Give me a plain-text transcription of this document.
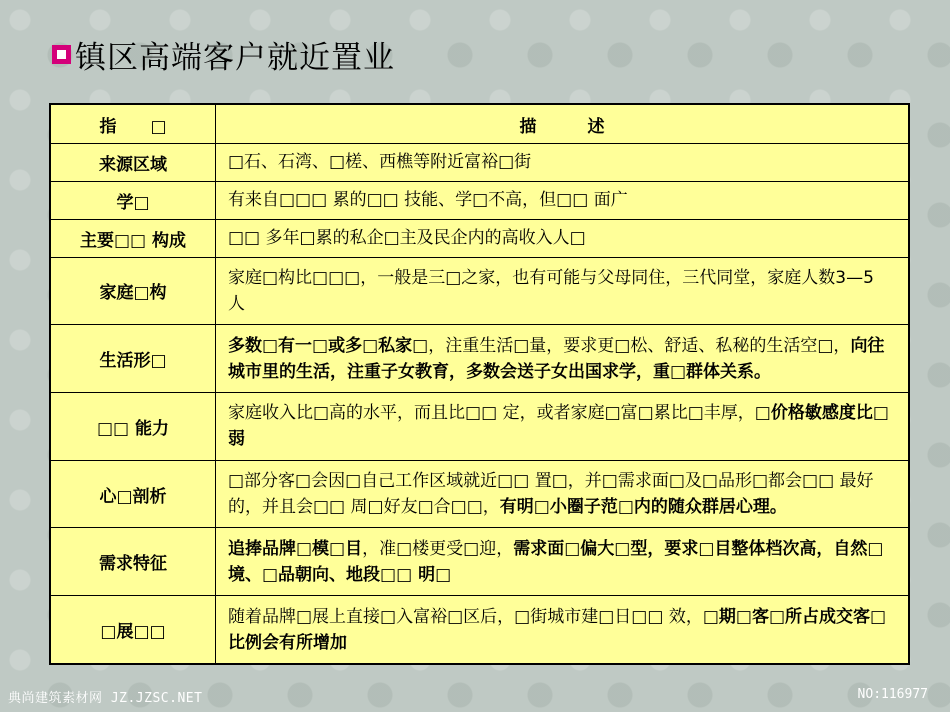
镇区高端客户就近置业
指　　□	描　　　述
来源区域	□石、石湾、□槎、西樵等附近富裕□街
学□	有来自□□□ 累的□□ 技能、学□不高，但□□ 面广
主要□□ 构成	□□ 多年□累的私企□主及民企内的高收入人□
家庭□构	家庭□构比□□□，一般是三□之家，也有可能与父母同住，三代同堂，家庭人数3—5　人
生活形□	多数□有一□或多□私家□，注重生活□量，要求更□松、舒适、私秘的生活空□，向往城市里的生活，注重子女教育，多数会送子女出国求学，重□群体关系。
□□ 能力	家庭收入比□高的水平，而且比□□ 定，或者家庭□富□累比□丰厚，□价格敏感度比□弱
心□剖析	□部分客□会因□自己工作区域就近□□ 置□，并□需求面□及□品形□都会□□ 最好的，并且会□□ 周□好友□合□□，有明□小圈子范□内的随众群居心理。
需求特征	追捧品牌□模□目，准□楼更受□迎，需求面□偏大□型，要求□目整体档次高，自然□境、□品朝向、地段□□ 明□
□展□□	随着品牌□展上直接□入富裕□区后，□街城市建□日□□ 效，□期□客□所占成交客□比例会有所增加
典尚建筑素材网 JZ.JZSC.NET	NO:116977
